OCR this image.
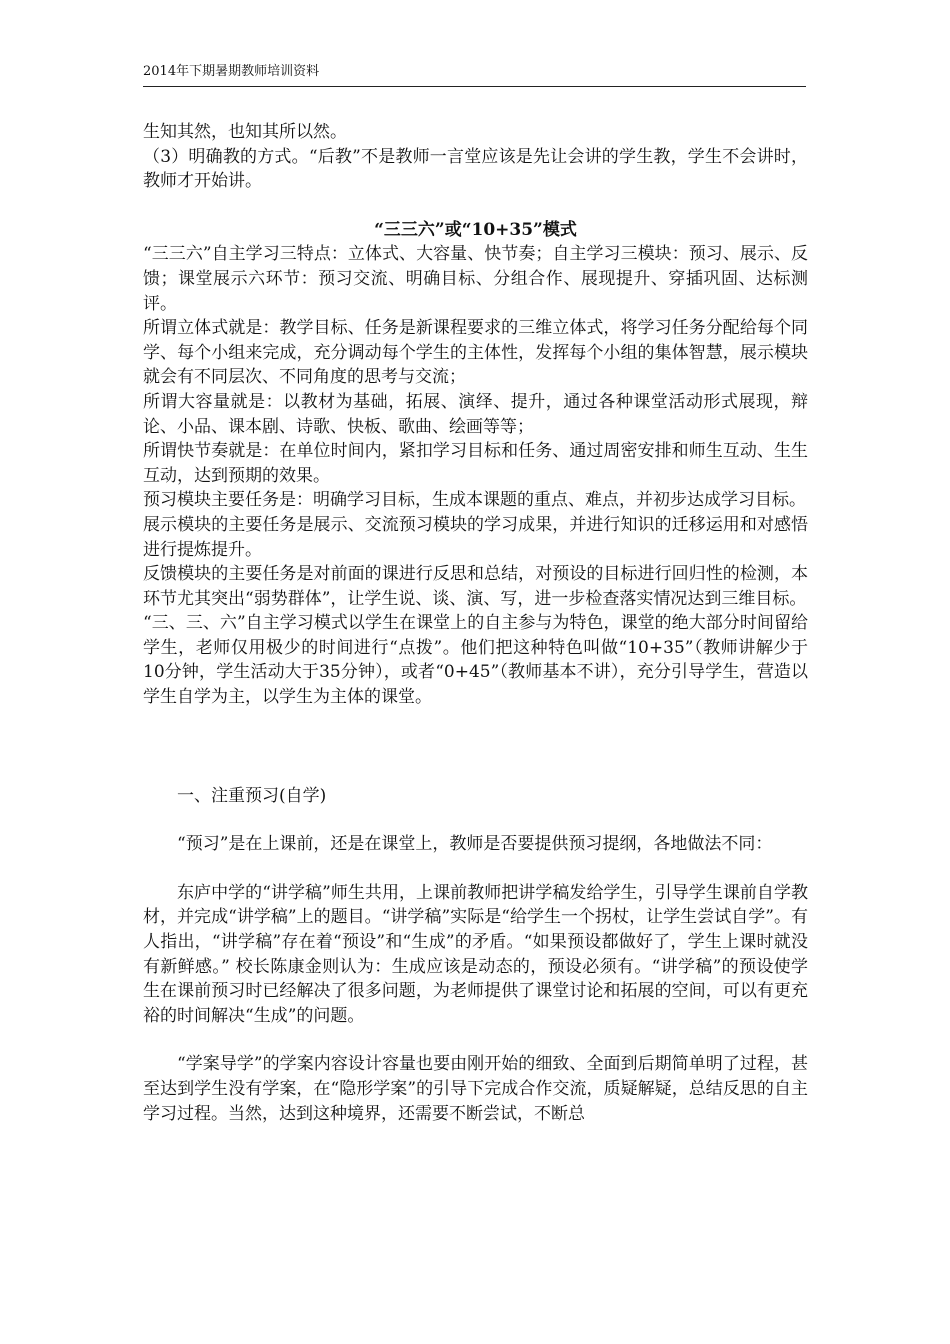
2014年下期暑期教师培训资料

生知其然，也知其所以然。

（3）明确教的方式。“后教”不是教师一言堂应该是先让会讲的学生教，学生不会讲时，教师才开始讲。

“三三六”或“10+35”模式

“三三六”自主学习三特点：立体式、大容量、快节奏；自主学习三模块：预习、展示、反馈；课堂展示六环节：预习交流、明确目标、分组合作、展现提升、穿插巩固、达标测评。

所谓立体式就是：教学目标、任务是新课程要求的三维立体式，将学习任务分配给每个同学、每个小组来完成，充分调动每个学生的主体性，发挥每个小组的集体智慧，展示模块就会有不同层次、不同角度的思考与交流；

所谓大容量就是：以教材为基础，拓展、演绎、提升，通过各种课堂活动形式展现，辩论、小品、课本剧、诗歌、快板、歌曲、绘画等等；

所谓快节奏就是：在单位时间内，紧扣学习目标和任务、通过周密安排和师生互动、生生互动，达到预期的效果。

预习模块主要任务是：明确学习目标，生成本课题的重点、难点，并初步达成学习目标。

展示模块的主要任务是展示、交流预习模块的学习成果，并进行知识的迁移运用和对感悟进行提炼提升。

反馈模块的主要任务是对前面的课进行反思和总结，对预设的目标进行回归性的检测，本环节尤其突出“弱势群体”，让学生说、谈、演、写，进一步检查落实情况达到三维目标。

“三、三、六”自主学习模式以学生在课堂上的自主参与为特色，课堂的绝大部分时间留给学生，老师仅用极少的时间进行“点拨”。他们把这种特色叫做“10+35”（教师讲解少于10分钟，学生活动大于35分钟），或者“0+45”（教师基本不讲），充分引导学生，营造以学生自学为主，以学生为主体的课堂。

一、注重预习(自学)

“预习”是在上课前，还是在课堂上，教师是否要提供预习提纲，各地做法不同：

东庐中学的“讲学稿”师生共用，上课前教师把讲学稿发给学生，引导学生课前自学教材，并完成“讲学稿”上的题目。“讲学稿”实际是“给学生一个拐杖，让学生尝试自学”。有人指出，“讲学稿”存在着“预设”和“生成”的矛盾。“如果预设都做好了，学生上课时就没有新鲜感。” 校长陈康金则认为：生成应该是动态的，预设必须有。“讲学稿”的预设使学生在课前预习时已经解决了很多问题，为老师提供了课堂讨论和拓展的空间，可以有更充裕的时间解决“生成”的问题。

“学案导学”的学案内容设计容量也要由刚开始的细致、全面到后期简单明了过程，甚至达到学生没有学案，在“隐形学案”的引导下完成合作交流，质疑解疑，总结反思的自主学习过程。当然，达到这种境界，还需要不断尝试，不断总
